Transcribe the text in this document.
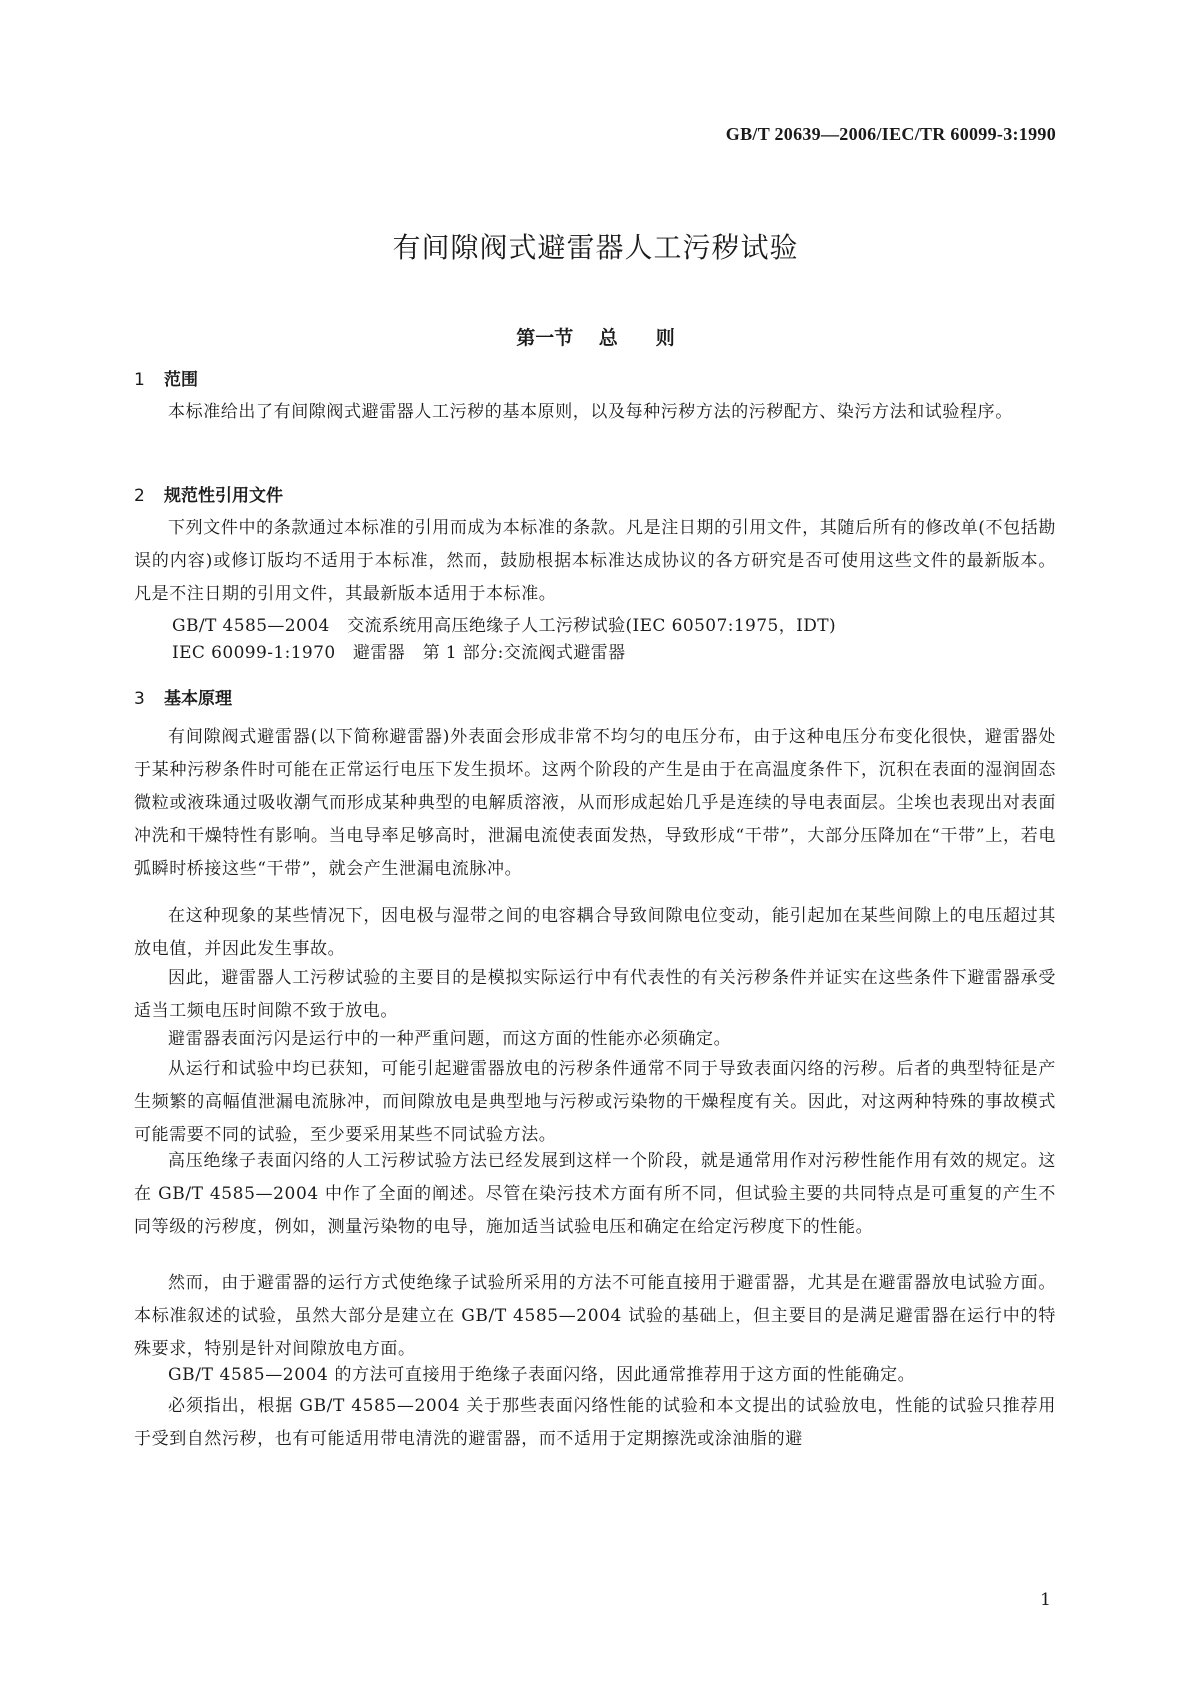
GB/T 20639—2006/IEC/TR 60099-3:1990
有间隙阀式避雷器人工污秽试验
第一节　 总　　则
1 范围

本标准给出了有间隙阀式避雷器人工污秽的基本原则，以及每种污秽方法的污秽配方、染污方法和试验程序。

2 规范性引用文件

下列文件中的条款通过本标准的引用而成为本标准的条款。凡是注日期的引用文件，其随后所有的修改单(不包括勘误的内容)或修订版均不适用于本标准，然而，鼓励根据本标准达成协议的各方研究是否可使用这些文件的最新版本。凡是不注日期的引用文件，其最新版本适用于本标准。

GB/T 4585—2004　交流系统用高压绝缘子人工污秽试验(IEC 60507:1975，IDT)
IEC 60099-1:1970　避雷器　第 1 部分:交流阀式避雷器
3 基本原理

有间隙阀式避雷器(以下简称避雷器)外表面会形成非常不均匀的电压分布，由于这种电压分布变化很快，避雷器处于某种污秽条件时可能在正常运行电压下发生损坏。这两个阶段的产生是由于在高温度条件下，沉积在表面的湿润固态微粒或液珠通过吸收潮气而形成某种典型的电解质溶液，从而形成起始几乎是连续的导电表面层。尘埃也表现出对表面冲洗和干燥特性有影响。当电导率足够高时，泄漏电流使表面发热，导致形成“干带”，大部分压降加在“干带”上，若电弧瞬时桥接这些“干带”，就会产生泄漏电流脉冲。

在这种现象的某些情况下，因电极与湿带之间的电容耦合导致间隙电位变动，能引起加在某些间隙上的电压超过其放电值，并因此发生事故。

因此，避雷器人工污秽试验的主要目的是模拟实际运行中有代表性的有关污秽条件并证实在这些条件下避雷器承受适当工频电压时间隙不致于放电。

避雷器表面污闪是运行中的一种严重问题，而这方面的性能亦必须确定。

从运行和试验中均已获知，可能引起避雷器放电的污秽条件通常不同于导致表面闪络的污秽。后者的典型特征是产生频繁的高幅值泄漏电流脉冲，而间隙放电是典型地与污秽或污染物的干燥程度有关。因此，对这两种特殊的事故模式可能需要不同的试验，至少要采用某些不同试验方法。

高压绝缘子表面闪络的人工污秽试验方法已经发展到这样一个阶段，就是通常用作对污秽性能作用有效的规定。这在 GB/T 4585—2004 中作了全面的阐述。尽管在染污技术方面有所不同，但试验主要的共同特点是可重复的产生不同等级的污秽度，例如，测量污染物的电导，施加适当试验电压和确定在给定污秽度下的性能。

然而，由于避雷器的运行方式使绝缘子试验所采用的方法不可能直接用于避雷器，尤其是在避雷器放电试验方面。本标准叙述的试验，虽然大部分是建立在 GB/T 4585—2004 试验的基础上，但主要目的是满足避雷器在运行中的特殊要求，特别是针对间隙放电方面。

GB/T 4585—2004 的方法可直接用于绝缘子表面闪络，因此通常推荐用于这方面的性能确定。

必须指出，根据 GB/T 4585—2004 关于那些表面闪络性能的试验和本文提出的试验放电，性能的试验只推荐用于受到自然污秽，也有可能适用带电清洗的避雷器，而不适用于定期擦洗或涂油脂的避

1
